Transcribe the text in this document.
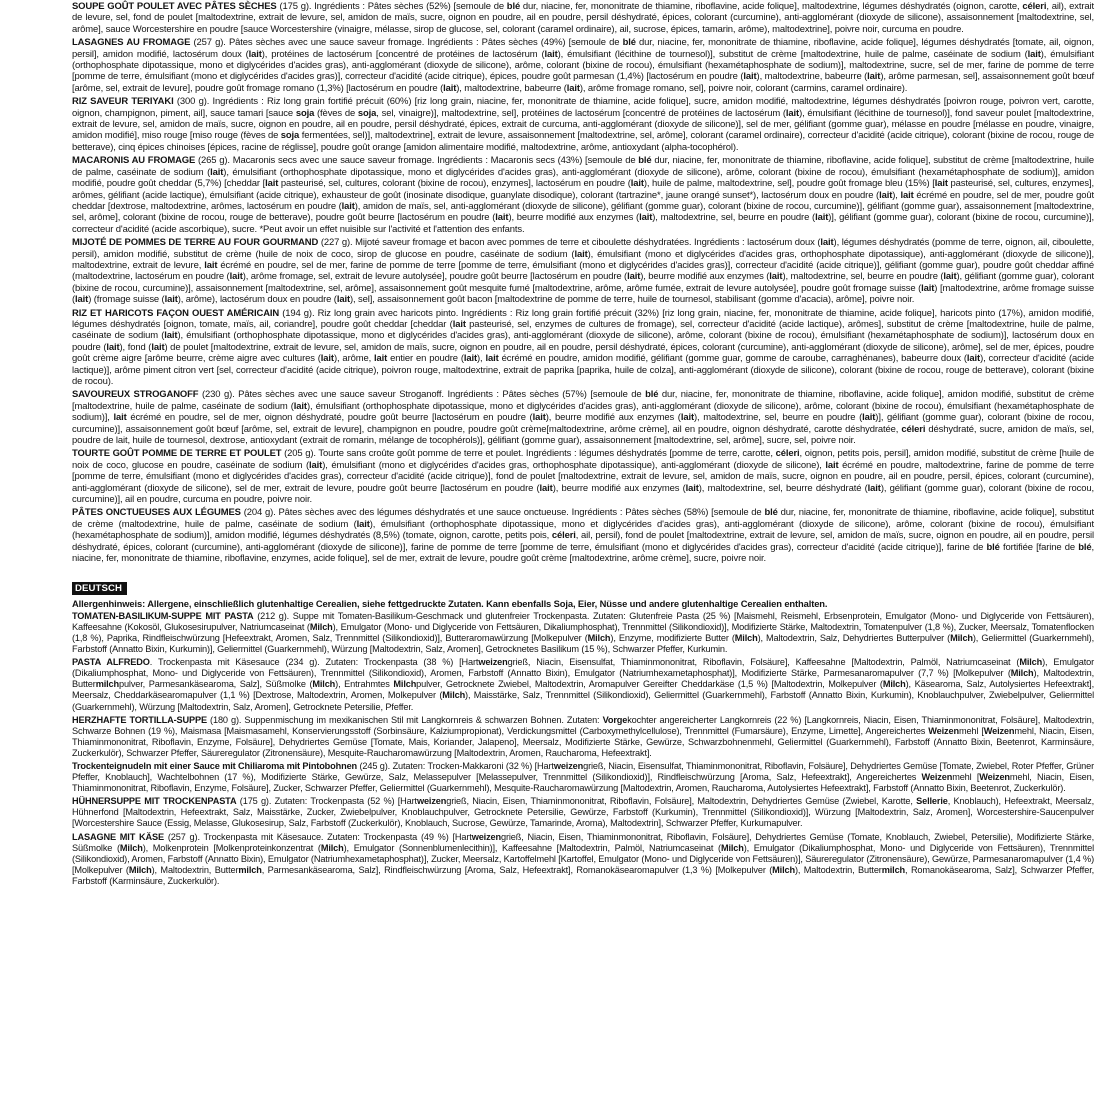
SOUPE GOÛT POULET AVEC PÂTES SÈCHES (175 g). Ingrédients : Pâtes sèches (52%) [semoule de blé dur, niacine, fer, mononitrate de thiamine, riboflavine, acide folique], maltodextrine, légumes déshydratés (oignon, carotte, céleri, ail), extrait de levure, sel, fond de poulet [maltodextrine, extrait de levure, sel, amidon de maïs, sucre, oignon en poudre, ail en poudre, persil déshydraté, épices, colorant (curcumine), anti-agglomérant (dioxyde de silicone), assaisonnement [maltodextrine, sel, arôme], sauce Worcestershire en poudre [sauce Worcestershire (vinaigre, mélasse, sirop de glucose, sel, colorant (caramel ordinaire), ail, sucrose, épices, tamarin, arôme), maltodextrine], poivre noir, curcuma en poudre.
LASAGNES AU FROMAGE (257 g). Pâtes sèches avec une sauce saveur fromage. Ingrédients : Pâtes sèches (49%) [semoule de blé dur, niacine, fer, mononitrate de thiamine, riboflavine, acide folique], légumes déshydratés [tomate, ail, oignon, persil], amidon modifié, lactosérum doux (lait), protéines de lactosérum [concentré de protéines de lactosérum (lait), émulsifiant (lécithine de tournesol)], substitut de crème [maltodextrine, huile de palme, caséinate de sodium (lait), émulsifiant (orthophosphate dipotassique, mono et diglycérides d'acides gras), anti-agglomérant (dioxyde de silicone), arôme, colorant (bixine de rocou), émulsifiant (hexamétaphosphate de sodium)], maltodextrine, sucre, sel de mer, farine de pomme de terre [pomme de terre, émulsifiant (mono et diglycérides d'acides gras)], correcteur d'acidité (acide citrique), épices, poudre goût parmesan (1,4%) [lactosérum en poudre (lait), maltodextrine, babeurre (lait), arôme parmesan, sel], assaisonnement goût bœuf [arôme, sel, extrait de levure], poudre goût fromage romano (1,3%) [lactosérum en poudre (lait), maltodextrine, babeurre (lait), arôme fromage romano, sel], poivre noir, colorant (carmins, caramel ordinaire).
RIZ SAVEUR TERIYAKI (300 g). Ingrédients : Riz long grain fortifié précuit (60%) [riz long grain, niacine, fer, mononitrate de thiamine, acide folique], sucre, amidon modifié, maltodextrine, légumes déshydratés [poivron rouge, poivron vert, carotte, oignon, champignon, piment, ail], sauce tamari [sauce soja (fèves de soja, sel, vinaigre)], maltodextrine, sel], protéines de lactosérum [concentré de protéines de lactosérum (lait), émulsifiant (lécithine de tournesol)], fond saveur poulet [maltodextrine, extrait de levure, sel, amidon de maïs, sucre, oignon en poudre, ail en poudre, persil déshydraté, épices, extrait de curcuma, anti-agglomérant (dioxyde de silicone)], sel de mer, gélifiant (gomme guar), mélasse en poudre [mélasse en poudre, vinaigre, amidon modifié], miso rouge [miso rouge (fèves de soja fermentées, sel)], maltodextrine], extrait de levure, assaisonnement [maltodextrine, sel, arôme], colorant (caramel ordinaire), correcteur d'acidité (acide citrique), colorant (bixine de rocou, rouge de betterave), cinq épices chinoises [épices, racine de réglisse], poudre goût orange [amidon alimentaire modifié, maltodextrine, arôme, antioxydant (alpha-tocophérol).
MACARONIS AU FROMAGE (265 g). Macaronis secs avec une sauce saveur fromage. Ingrédients : Macaronis secs (43%) [semoule de blé dur, niacine, fer, mononitrate de thiamine, riboflavine, acide folique], substitut de crème [maltodextrine, huile de palme, caséinate de sodium (lait), émulsifiant (orthophosphate dipotassique, mono et diglycérides d'acides gras), anti-agglomérant (dioxyde de silicone), arôme, colorant (bixine de rocou), émulsifiant (hexamétaphosphate de sodium)], amidon modifié, poudre goût cheddar (5,7%) [cheddar [lait pasteurisé, sel, cultures, colorant (bixine de rocou), enzymes], lactosérum en poudre (lait), huile de palme, maltodextrine, sel], poudre goût fromage bleu (15%) [lait pasteurisé, sel, cultures, enzymes], arômes, gélifiant (acide lactique), émulsifiant (acide citrique), exhausteur de goût (inosinate disodique, guanylate disodique), colorant (tartrazine*, jaune orangé sunset*), lactosérum doux en poudre (lait), lait écrémé en poudre, sel de mer, poudre goût cheddar [dextrose, maltodextrine, arômes, lactosérum en poudre (lait), amidon de maïs, sel, anti-agglomérant (dioxyde de silicone), gélifiant (gomme guar), colorant (bixine de rocou, curcumine)], gélifiant (gomme guar), assaisonnement [maltodextrine, sel, arôme], colorant (bixine de rocou, rouge de betterave), poudre goût beurre [lactosérum en poudre (lait), beurre modifié aux enzymes (lait), maltodextrine, sel, beurre en poudre (lait)], gélifiant (gomme guar), colorant (bixine de rocou, curcumine)], correcteur d'acidité (acide ascorbique), sucre. *Peut avoir un effet nuisible sur l'activité et l'attention des enfants.
MIJOTÉ DE POMMES DE TERRE AU FOUR GOURMAND (227 g). Mijoté saveur fromage et bacon avec pommes de terre et ciboulette déshydratées. Ingrédients : lactosérum doux (lait), légumes déshydratés (pomme de terre, oignon, ail, ciboulette, persil), amidon modifié, substitut de crème (huile de noix de coco, sirop de glucose en poudre, caséinate de sodium (lait), émulsifiant (mono et diglycérides d'acides gras, orthophosphate dipotassique), anti-agglomérant (dioxyde de silicone)], maltodextrine, extrait de levure, lait écrémé en poudre, sel de mer, farine de pomme de terre [pomme de terre, émulsifiant (mono et diglycérides d'acides gras)], correcteur d'acidité (acide citrique)], gélifiant (gomme guar), poudre goût cheddar affiné (maltodextrine, lactosérum en poudre (lait), arôme fromage, sel, extrait de levure autolysée], poudre goût beurre [lactosérum en poudre (lait), beurre modifié aux enzymes (lait), maltodextrine, sel, beurre en poudre (lait), gélifiant (gomme guar), colorant (bixine de rocou, curcumine)], assaisonnement [maltodextrine, sel, arôme], assaisonnement goût mesquite fumé [maltodextrine, arôme, arôme fumée, extrait de levure autolysée], poudre goût fromage suisse (lait) [maltodextrine, arôme fromage suisse (lait) (fromage suisse (lait), arôme), lactosérum doux en poudre (lait), sel], assaisonnement goût bacon [maltodextrine de pomme de terre, huile de tournesol, stabilisant (gomme d'acacia), arôme], poivre noir.
RIZ ET HARICOTS FAÇON OUEST AMÉRICAIN (194 g). Riz long grain avec haricots pinto. Ingrédients : Riz long grain fortifié précuit (32%) [riz long grain, niacine, fer, mononitrate de thiamine, acide folique], haricots pinto (17%), amidon modifié, légumes déshydratés [oignon, tomate, maïs, ail, coriandre], poudre goût cheddar [cheddar (lait pasteurisé, sel, enzymes de cultures de fromage), sel, correcteur d'acidité (acide lactique), arômes], substitut de crème [maltodextrine, huile de palme, caséinate de sodium (lait), émulsifiant (orthophosphate dipotassique, mono et diglycérides d'acides gras), anti-agglomérant (dioxyde de silicone), arôme, colorant (bixine de rocou), émulsifiant (hexamétaphosphate de sodium)], lactosérum doux en poudre (lait), fond (lait) de poulet [maltodextrine, extrait de levure, sel, amidon de maïs, sucre, oignon en poudre, ail en poudre, persil déshydraté, épices, colorant (curcumine), anti-agglomérant (dioxyde de silicone), arôme], sel de mer, épices, poudre goût crème aigre [arôme beurre, crème aigre avec cultures (lait), arôme, lait entier en poudre (lait), lait écrémé en poudre, amidon modifié, gélifiant (gomme guar, gomme de caroube, carraghénanes), babeurre doux (lait), correcteur d'acidité (acide lactique)], arôme piment citron vert [sel, correcteur d'acidité (acide citrique), poivron rouge, maltodextrine, extrait de paprika [paprika, huile de colza], anti-agglomérant (dioxyde de silicone), colorant (bixine de rocou, rouge de betterave), colorant (bixine de rocou).
SAVOUREUX STROGANOFF (230 g). Pâtes sèches avec une sauce saveur Stroganoff. Ingrédients : Pâtes sèches (57%) [semoule de blé dur, niacine, fer, mononitrate de thiamine, riboflavine, acide folique], amidon modifié, substitut de crème [maltodextrine, huile de palme, caséinate de sodium (lait), émulsifiant (orthophosphate dipotassique, mono et diglycérides d'acides gras), anti-agglomérant (dioxyde de silicone), arôme, colorant (bixine de rocou), émulsifiant (hexamétaphosphate de sodium)], lait écrémé en poudre, sel de mer, oignon déshydraté, poudre goût beurre [lactosérum en poudre (lait), beurre modifié aux enzymes (lait), maltodextrine, sel, beurre en poudre (lait)], gélifiant (gomme guar), colorant (bixine de rocou, curcumine)], assaisonnement goût bœuf [arôme, sel, extrait de levure], champignon en poudre, poudre goût crème[maltodextrine, arôme crème], ail en poudre, oignon déshydraté, carotte déshydratée, céleri déshydraté, sucre, amidon de maïs, sel, poudre de lait, huile de tournesol, dextrose, antioxydant (extrait de romarin, mélange de tocophérols)], gélifiant (gomme guar), assaisonnement [maltodextrine, sel, arôme], sucre, sel, poivre noir.
TOURTE GOÛT POMME DE TERRE ET POULET (205 g). Tourte sans croûte goût pomme de terre et poulet. Ingrédients : légumes déshydratés [pomme de terre, carotte, céleri, oignon, petits pois, persil], amidon modifié, substitut de crème [huile de noix de coco, glucose en poudre, caséinate de sodium (lait), émulsifiant (mono et diglycérides d'acides gras, orthophosphate dipotassique), anti-agglomérant (dioxyde de silicone), lait écrémé en poudre, maltodextrine, farine de pomme de terre [pomme de terre, émulsifiant (mono et diglycérides d'acides gras), correcteur d'acidité (acide citrique)], fond de poulet [maltodextrine, extrait de levure, sel, amidon de maïs, sucre, oignon en poudre, ail en poudre, persil, épices, colorant (curcumine), anti-agglomérant (dioxyde de silicone), sel de mer, extrait de levure, poudre goût beurre [lactosérum en poudre (lait), beurre modifié aux enzymes (lait), maltodextrine, sel, beurre déshydraté (lait), gélifiant (gomme guar), colorant (bixine de rocou, curcumine)], ail en poudre, curcuma en poudre, poivre noir.
PÂTES ONCTUEUSES AUX LÉGUMES (204 g). Pâtes sèches avec des légumes déshydratés et une sauce onctueuse. Ingrédients : Pâtes sèches (58%) [semoule de blé dur, niacine, fer, mononitrate de thiamine, riboflavine, acide folique], substitut de crème (maltodextrine, huile de palme, caséinate de sodium (lait), émulsifiant (orthophosphate dipotassique, mono et diglycérides d'acides gras), anti-agglomérant (dioxyde de silicone), arôme, colorant (bixine de rocou), émulsifiant (hexamétaphosphate de sodium)], amidon modifié, légumes déshydratés (8,5%) (tomate, oignon, carotte, petits pois, céleri, ail, persil), fond de poulet [maltodextrine, extrait de levure, sel, amidon de maïs, sucre, oignon en poudre, ail en poudre, persil déshydraté, épices, colorant (curcumine), anti-agglomérant (dioxyde de silicone)], farine de pomme de terre [pomme de terre, émulsifiant (mono et diglycérides d'acides gras), correcteur d'acidité (acide citrique)], farine de blé fortifiée [farine de blé, niacine, fer, mononitrate de thiamine, riboflavine, enzymes, acide folique], sel de mer, extrait de levure, poudre goût crème [maltodextrine, arôme crème], sucre, poivre noir.
DEUTSCH
Allergenhinweis: Allergene, einschließlich glutenhaltige Cerealien, siehe fettgedruckte Zutaten. Kann ebenfalls Soja, Eier, Nüsse und andere glutenhaltige Cerealien enthalten.
TOMATEN-BASILIKUM-SUPPE MIT PASTA (212 g). Suppe mit Tomaten-Basilikum-Geschmack und glutenfreier Trockenpasta. Zutaten: Glutenfreie Pasta (25 %) [Maismehl, Reismehl, Erbsenprotein, Emulgator (Mono- und Diglyceride von Fettsäuren), Kaffeesahne (Kokosöl, Glukosesirupulver, Natriumcaseinat (Milch), Emulgator (Mono- und Diglyceride von Fettsäuren, Dikaliumphosphat), Trennmittel (Silikondioxid)], Modifizierte Stärke, Maltodextrin, Tomatenpulver (1,8 %), Zucker, Meersalz, Tomatenflocken (1,8 %), Paprika, Rindfleischwürzung [Hefeextrakt, Aromen, Salz, Trennmittel (Silikondioxid)], Butteraromawürzung [Molkepulver (Milch), Enzyme, modifizierte Butter (Milch), Maltodextrin, Salz, Dehydriertes Butterpulver (Milch), Geliermittel (Guarkernmehl), Farbstoff (Annatto Bixin, Kurkumin)], Geliermittel (Guarkernmehl), Würzung [Maltodextrin, Salz, Aromen], Getrocknetes Basilikum (15 %), Schwarzer Pfeffer, Kurkumin.
PASTA ALFREDO. Trockenpasta mit Käsesauce (234 g). Zutaten: Trockenpasta (38 %) [Hartweizengrieß, Niacin, Eisensulfat, Thiaminmononitrat, Riboflavin, Folsäure], Kaffeesahne [Maltodextrin, Palmöl, Natriumcaseinat (Milch), Emulgator (Dikaliumphosphat, Mono- und Diglyceride von Fettsäuren), Trennmittel (Silikondioxid), Aromen, Farbstoff (Annatto Bixin), Emulgator (Natriumhexametaphosphat)], Modifizierte Stärke, Parmesanaromapulver (7,7 %) [Molkepulver (Milch), Maltodextrin, Buttermilchpulver, Parmesankäsearoma, Salz], Süßmolke (Milch), Entrahmtes Milchpulver, Getrocknete Zwiebel, Maltodextrin, Aromapulver Gereifter Cheddarkäse (1,5 %) [Maltodextrin, Molkepulver (Milch), Käsearoma, Salz, Autolysiertes Hefeextrakt], Meersalz, Cheddarkäsearomapulver (1,1 %) [Dextrose, Maltodextrin, Aromen, Molkepulver (Milch), Maisstärke, Salz, Trennmittel (Silikondioxid), Geliermittel (Guarkernmehl), Farbstoff (Annatto Bixin, Kurkumin), Knoblauchpulver, Zwiebelpulver, Geliermittel (Guarkernmehl), Würzung [Maltodextrin, Salz, Aromen], Getrocknete Petersilie, Pfeffer.
HERZHAFTE TORTILLA-SUPPE (180 g). Suppenmischung im mexikanischen Stil mit Langkornreis & schwarzen Bohnen. Zutaten: Vorgekochter angereicherter Langkornreis (22 %) [Langkornreis, Niacin, Eisen, Thiaminmononitrat, Folsäure], Maltodextrin, Schwarze Bohnen (19 %), Maismasa [Maismasamehl, Konservierungsstoff (Sorbinsäure, Kalziumpropionat), Verdickungsmittel (Carboxymethylcellulose), Trennmittel (Fumarsäure), Enzyme, Limette], Angereichertes Weizenmehl [Weizenmehl, Niacin, Eisen, Thiaminmononitrat, Riboflavin, Enzyme, Folsäure], Dehydriertes Gemüse [Tomate, Mais, Koriander, Jalapeno], Meersalz, Modifizierte Stärke, Gewürze, Schwarzbohnenmehl, Geliermittel (Guarkernmehl), Farbstoff (Annatto Bixin, Beetenrot, Karminsäure, Zuckerkulör), Schwarzer Pfeffer, Säureregulator (Zitronensäure), Mesquite-Raucharomawürzung [Maltodextrin, Aromen, Raucharoma, Hefeextrakt].
Trockenteignudeln mit einer Sauce mit Chiliaroma mit Pintobohnen (245 g). Zutaten: Trocken-Makkaroni (32 %) [Hartweizengrieß, Niacin, Eisensulfat, Thiaminmononitrat, Riboflavin, Folsäure], Dehydriertes Gemüse [Tomate, Zwiebel, Roter Pfeffer, Grüner Pfeffer, Knoblauch], Wachtelbohnen (17 %), Modifizierte Stärke, Gewürze, Salz, Melassepulver [Melassepulver, Trennmittel (Silikondioxid)], Rindfleischwürzung [Aroma, Salz, Hefeextrakt], Angereichertes Weizenmehl [Weizenmehl, Niacin, Eisen, Thiaminmononitrat, Riboflavin, Enzyme, Folsäure], Zucker, Schwarzer Pfeffer, Geliermittel (Guarkernmehl), Mesquite-Raucharomawürzung [Maltodextrin, Aromen, Raucharoma, Autolysiertes Hefeextrakt], Farbstoff (Annatto Bixin, Beetenrot, Zuckerkulör).
HÜHNERSUPPE MIT TROCKENPASTA (175 g). Zutaten: Trockenpasta (52 %) [Hartweizengrieß, Niacin, Eisen, Thiaminmononitrat, Riboflavin, Folsäure], Maltodextrin, Dehydriertes Gemüse (Zwiebel, Karotte, Sellerie, Knoblauch), Hefeextrakt, Meersalz, Hühnerfond [Maltodextrin, Hefeextrakt, Salz, Maisstärke, Zucker, Zwiebelpulver, Knoblauchpulver, Getrocknete Petersilie, Gewürze, Farbstoff (Kurkumin), Trennmittel (Silikondioxid)], Würzung [Maltodextrin, Salz, Aromen], Worcestershire-Saucenpulver [Worcestershire Sauce (Essig, Melasse, Glukosesirup, Salz, Farbstoff (Zuckerkulör), Knoblauch, Sucrose, Gewürze, Tamarinde, Aroma), Maltodextrin], Schwarzer Pfeffer, Kurkumapulver.
LASAGNE MIT KÄSE (257 g). Trockenpasta mit Käsesauce. Zutaten: Trockenpasta (49 %) [Hartweizengrieß, Niacin, Eisen, Thiaminmononitrat, Riboflavin, Folsäure], Dehydriertes Gemüse (Tomate, Knoblauch, Zwiebel, Petersilie), Modifizierte Stärke, Süßmolke (Milch), Molkenprotein [Molkenproteinkonzentrat (Milch), Emulgator (Sonnenblumenlecithin)], Kaffeesahne [Maltodextrin, Palmöl, Natriumcaseinat (Milch), Emulgator (Dikaliumphosphat, Mono- und Diglyceride von Fettsäuren), Trennmittel (Silikondioxid), Aromen, Farbstoff (Annatto Bixin), Emulgator (Natriumhexametaphosphat)], Zucker, Meersalz, Kartoffelmehl [Kartoffel, Emulgator (Mono- und Diglyceride von Fettsäuren)], Säureregulator (Zitronensäure), Gewürze, Parmesanaromapulver (1,4 %) [Molkepulver (Milch), Maltodextrin, Buttermilch, Parmesankäsearoma, Salz], Rindfleischwürzung [Aroma, Salz, Hefeextrakt], Romanokäsearomapulver (1,3 %) [Molkepulver (Milch), Maltodextrin, Buttermilch, Romanokäsearoma, Salz], Schwarzer Pfeffer, Farbstoff (Karminsäure, Zuckerkulör).
